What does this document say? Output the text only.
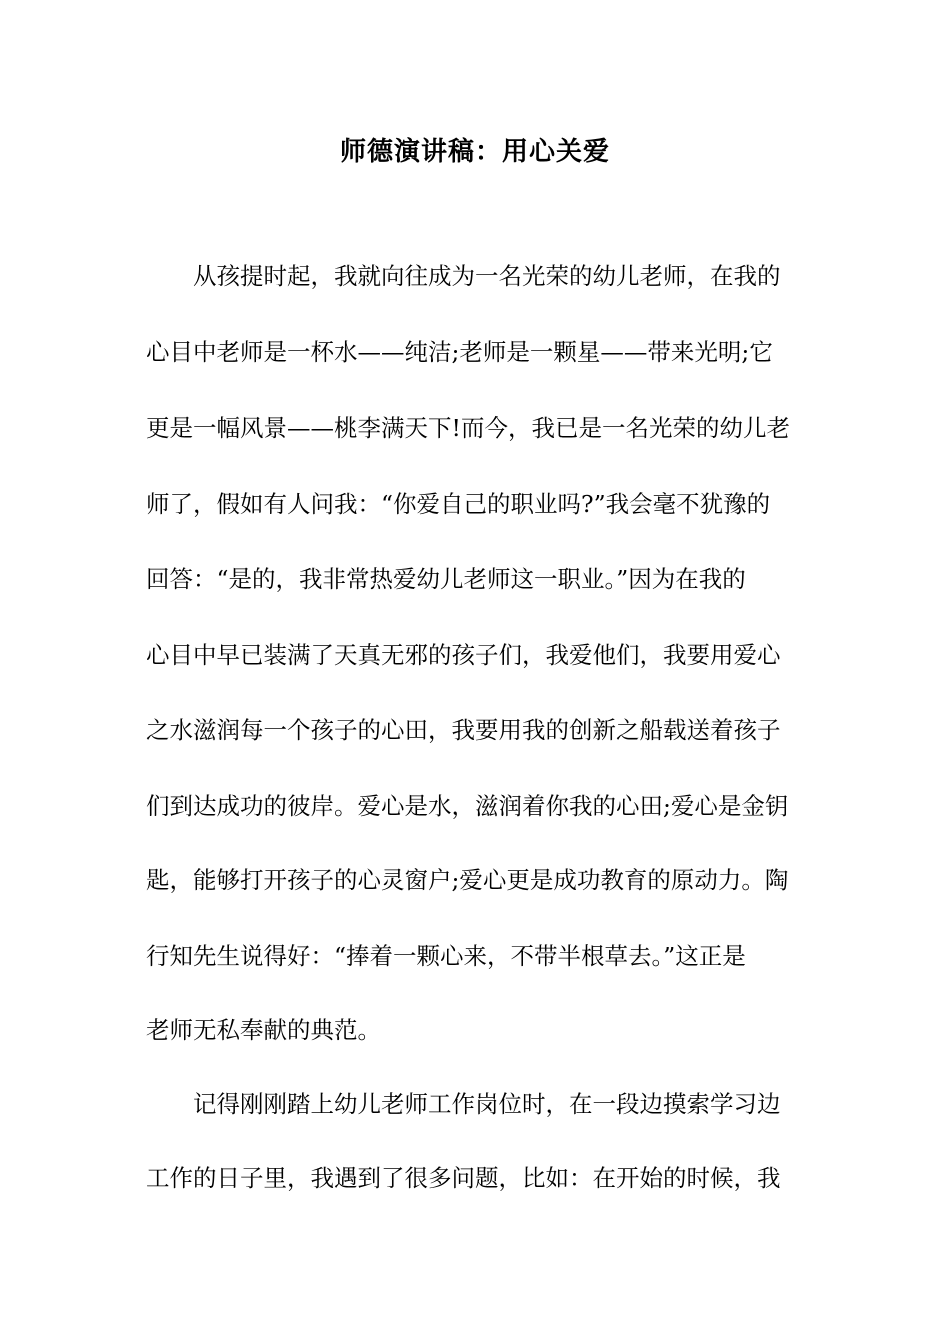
师德演讲稿：用心关爱
　　从孩提时起，我就向往成为一名光荣的幼儿老师，在我的
心目中老师是一杯水——纯洁;老师是一颗星——带来光明;它
更是一幅风景——桃李满天下!而今，我已是一名光荣的幼儿老
师了，假如有人问我：“你爱自己的职业吗?”我会毫不犹豫的
回答：“是的，我非常热爱幼儿老师这一职业。”因为在我的
心目中早已装满了天真无邪的孩子们，我爱他们，我要用爱心
之水滋润每一个孩子的心田，我要用我的创新之船载送着孩子
们到达成功的彼岸。爱心是水，滋润着你我的心田;爱心是金钥
匙，能够打开孩子的心灵窗户;爱心更是成功教育的原动力。陶
行知先生说得好：“捧着一颗心来，不带半根草去。”这正是
老师无私奉献的典范。
　　记得刚刚踏上幼儿老师工作岗位时，在一段边摸索学习边
工作的日子里，我遇到了很多问题，比如：在开始的时候，我
